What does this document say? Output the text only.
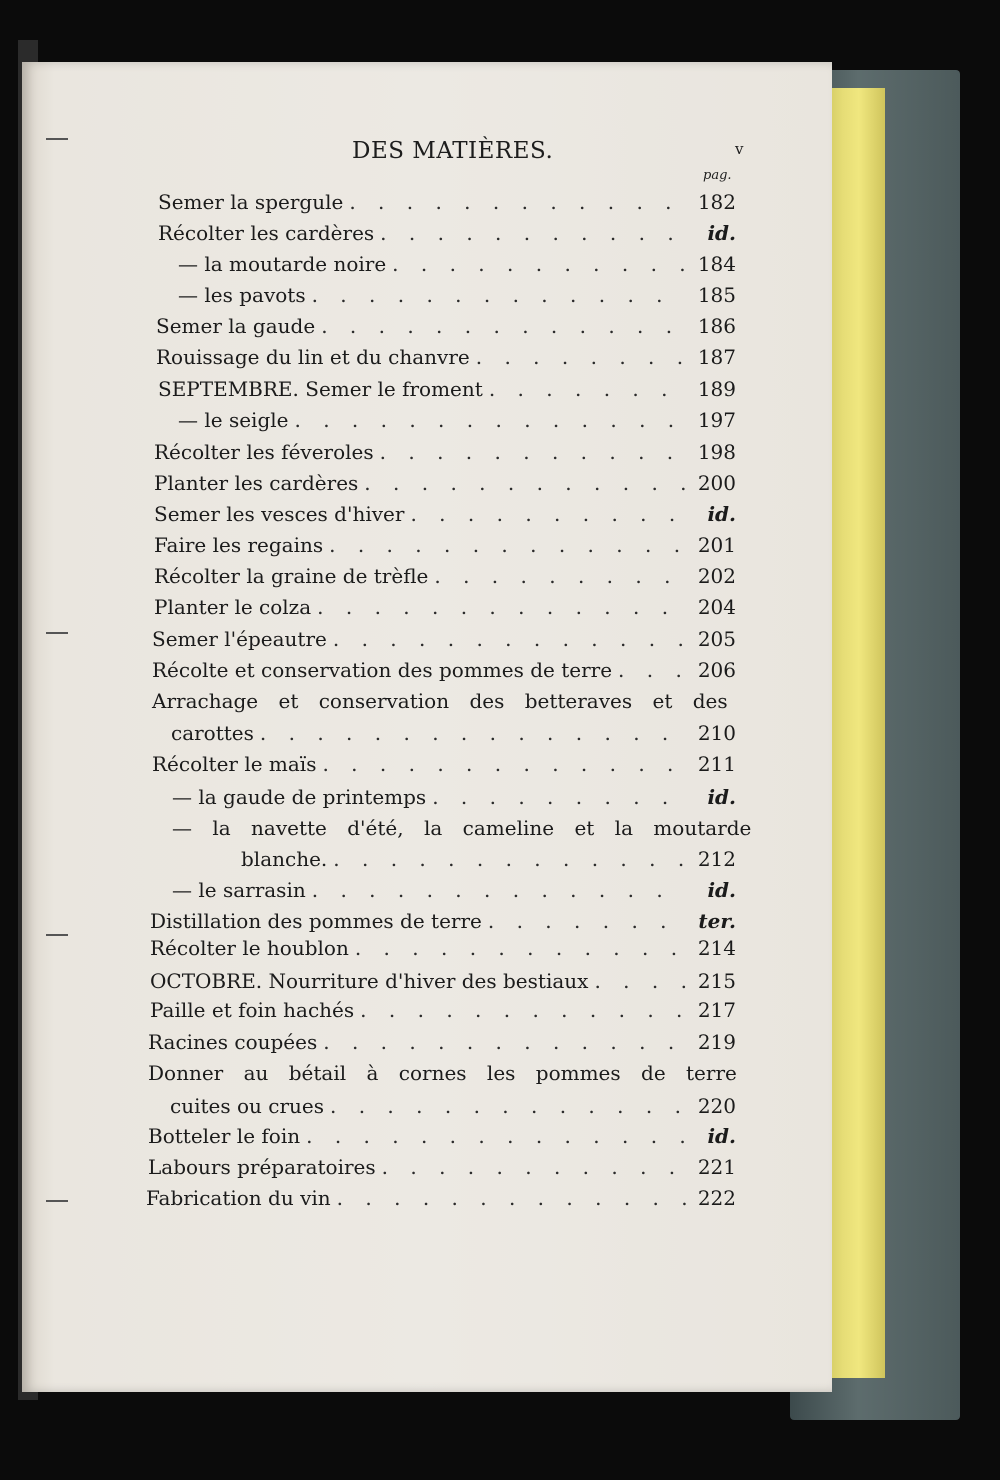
DES MATIÈRES.	v
pag.
Semer la spergule . . .	182
Récolter les cardères . . .	id.
— la moutarde noire . . .	184
— les pavots . . .	185
Semer la gaude . . .	186
Rouissage du lin et du chanvre . . .	187
SEPTEMBRE. Semer le froment . . .	189
— le seigle . . .	197
Récolter les féveroles . . .	198
Planter les cardères . . .	200
Semer les vesces d'hiver . . .	id.
Faire les regains . . .	201
Récolter la graine de trèfle . . .	202
Planter le colza . . .	204
Semer l'épeautre . . .	205
Récolte et conservation des pommes de terre . . .	206
Arrachage et conservation des betteraves et des
carottes . . .	210
Récolter le maïs . . .	211
— la gaude de printemps . . .	id.
— la navette d'été, la cameline et la moutarde
blanche. . . .	212
— le sarrasin . . .	id.
Distillation des pommes de terre . . .	ter.
Récolter le houblon . . .	214
OCTOBRE. Nourriture d'hiver des bestiaux . . .	215
Paille et foin hachés . . .	217
Racines coupées . . .	219
Donner au bétail à cornes les pommes de terre
cuites ou crues . . .	220
Botteler le foin . . .	id.
Labours préparatoires . . .	221
Fabrication du vin . . .	222
